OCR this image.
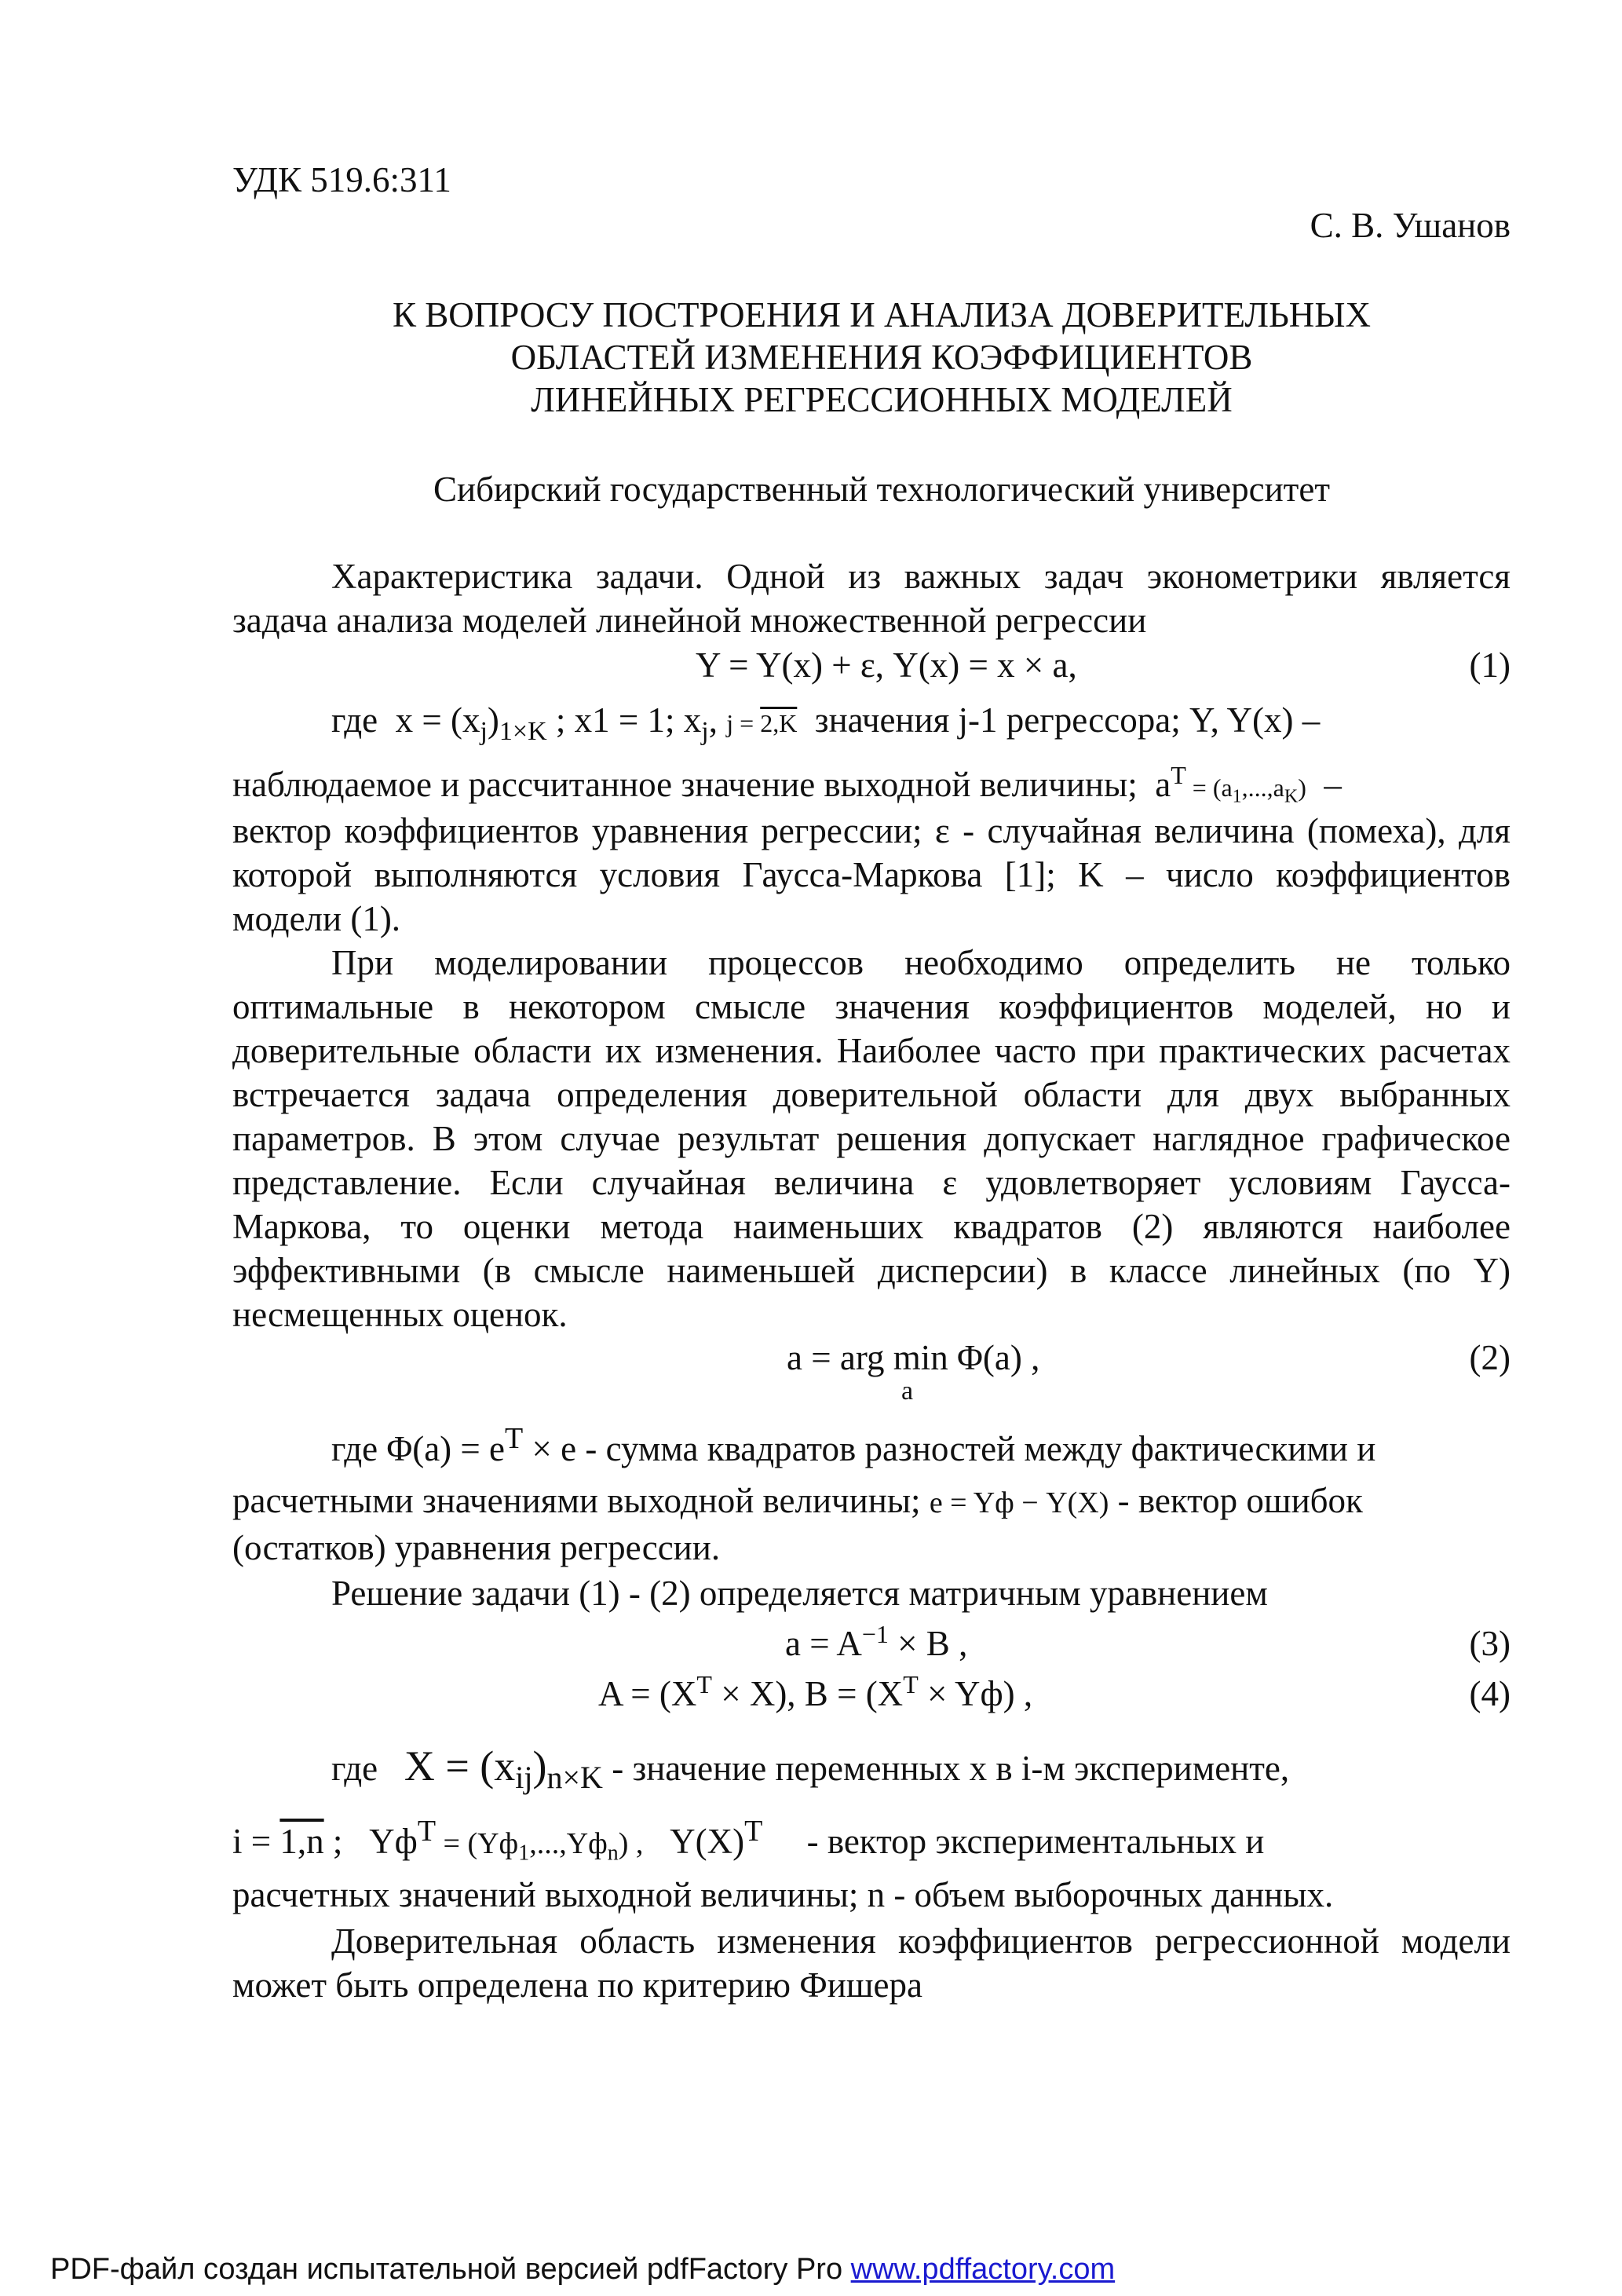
УДК 519.6:311
С. В. Ушанов
К ВОПРОСУ ПОСТРОЕНИЯ И АНАЛИЗА ДОВЕРИТЕЛЬНЫХ
ОБЛАСТЕЙ ИЗМЕНЕНИЯ КОЭФФИЦИЕНТОВ
ЛИНЕЙНЫХ РЕГРЕССИОННЫХ МОДЕЛЕЙ
Сибирский государственный технологический университет
Характеристика задачи. Одной из важных задач эконометрики является задача анализа моделей линейной множественной регрессии
Y = Y(x) + ε, Y(x) = x × a,	(1)
где $x = (x_j)_{1\times K}$ ; x1 = 1; $x_j$, j = 2,K значения j-1 регрессора; Y, Y(x) –
наблюдаемое и рассчитанное значение выходной величины; $a^T = (a_1,...,a_K)$  –
вектор коэффициентов уравнения регрессии; ε - случайная величина (помеха), для которой выполняются условия Гаусса-Маркова [1]; K – число коэффициентов модели (1).
При моделировании процессов необходимо определить не только оптимальные в некотором смысле значения коэффициентов моделей, но и доверительные области их изменения. Наиболее часто при практических расчетах встречается задача определения доверительной области для двух выбранных параметров. В этом случае результат решения допускает наглядное графическое представление. Если случайная величина ε удовлетворяет условиям Гаусса-Маркова, то оценки метода наименьших квадратов (2) являются наиболее эффективными (в смысле наименьшей дисперсии) в классе линейных (по Y) несмещенных оценок.
a = arg min Φ(a) ,
a
(2)
где $\Phi(a) = e^T \times e$ - сумма квадратов разностей между фактическими и
расчетными значениями выходной величины; e = Yф − Y(X) - вектор ошибок
(остатков) уравнения регрессии.
Решение задачи (1) - (2) определяется матричным уравнением
$a = A^{-1} \times B$ ,	(3)
$A = (X^T \times X)$, $B = (X^T \times Yф)$ ,	(4)
где $X = (x_{ij})_{n\times K}$ - значение переменных x в i-м эксперименте,
i = 1,n ;   $Yф^T = (Yф_1,...,Yф_n)$ ,   $Y(X)^T$ - вектор экспериментальных и
расчетных значений выходной величины; n - объем выборочных данных.
Доверительная область изменения коэффициентов регрессионной модели может быть определена по критерию Фишера
PDF-файл создан испытательной версией pdfFactory Pro www.pdffactory.com
